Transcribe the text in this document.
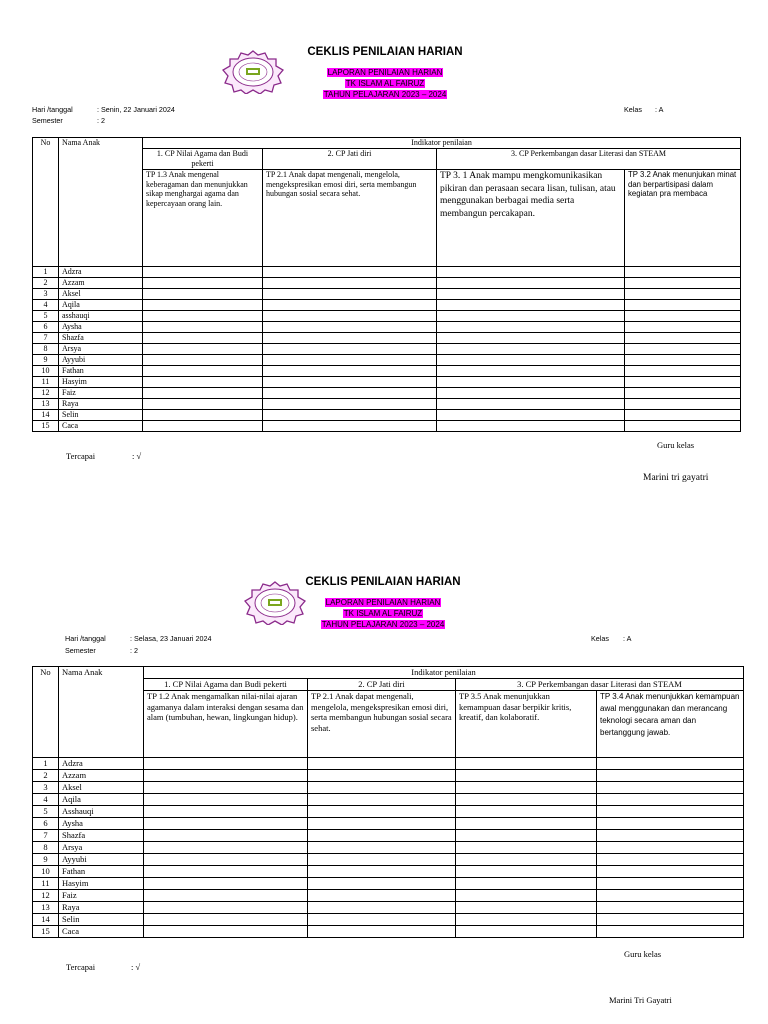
CEKLIS PENILAIAN HARIAN
LAPORAN PENILAIAN HARIAN
TK ISLAM AL FAIRUZ
TAHUN PELAJARAN 2023 – 2024
Hari /tanggal	: Senin, 22 Januari 2024
Semester	: 2
Kelas : A
No	Nama Anak	Indikator penilaian			
		1. CP Nilai Agama dan Budi pekerti	2. CP Jati diri	3. CP Perkembangan dasar Literasi dan STEAM	
		TP 1.3 Anak mengenal keberagaman dan menunjukkan sikap menghargai agama dan kepercayaan orang lain.	TP 2.1 Anak dapat mengenali, mengelola, mengekspresikan emosi diri, serta membangun hubungan sosial secara sehat.	TP 3. 1 Anak mampu mengkomunikasikan pikiran dan perasaan secara lisan, tulisan, atau menggunakan berbagai media serta membangun percakapan.	TP 3.2 Anak menunjukan minat dan berpartisipasi dalam kegiatan pra membaca
1	Adzra				
2	Azzam				
3	Aksel				
4	Aqila				
5	asshauqi				
6	Aysha				
7	Shazfa				
8	Arsya				
9	Ayyubi				
10	Fathan				
11	Hasyim				
12	Faiz				
13	Raya				
14	Selin				
15	Caca				
Guru kelas
Tercapai	: √
Marini tri gayatri
CEKLIS PENILAIAN HARIAN
LAPORAN PENILAIAN HARIAN
TK ISLAM AL FAIRUZ
TAHUN PELAJARAN 2023 – 2024
Hari /tanggal	: Selasa, 23 Januari 2024
Semester	: 2
Kelas : A
No	Nama Anak	Indikator penilaian			
		1. CP Nilai Agama dan Budi pekerti	2. CP Jati diri	3. CP Perkembangan dasar Literasi dan STEAM	
		TP 1.2 Anak mengamalkan nilai-nilai ajaran agamanya dalam interaksi dengan sesama dan alam (tumbuhan, hewan, lingkungan hidup).	TP 2.1 Anak dapat mengenali, mengelola, mengekspresikan emosi diri, serta membangun hubungan sosial secara sehat.	TP 3.5 Anak menunjukkan kemampuan dasar berpikir kritis, kreatif, dan kolaboratif.	TP 3.4 Anak menunjukkan kemampuan awal menggunakan dan merancang teknologi secara aman dan bertanggung jawab.
1	Adzra				
2	Azzam				
3	Aksel				
4	Aqila				
5	Asshauqi				
6	Aysha				
7	Shazfa				
8	Arsya				
9	Ayyubi				
10	Fathan				
11	Hasyim				
12	Faiz				
13	Raya				
14	Selin				
15	Caca				
Guru kelas
Tercapai	: √
Marini Tri Gayatri
